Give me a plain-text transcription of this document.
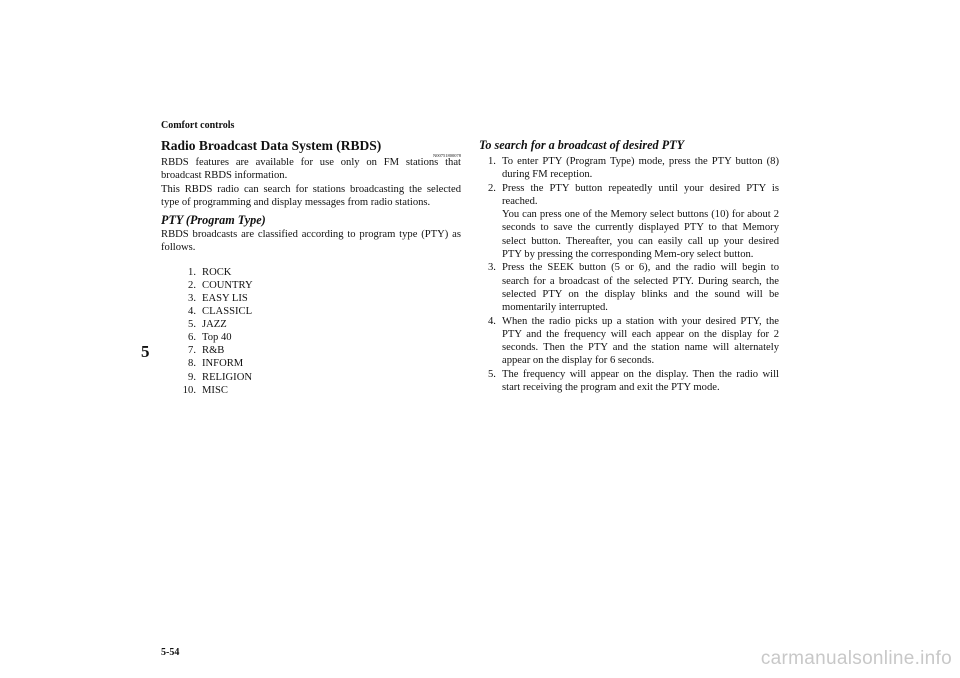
Comfort controls
5
5-54	carmanualsonline.info
Radio Broadcast Data System (RBDS)
N00751800078

RBDS features are available for use only on FM stations that broadcast RBDS information.

This RBDS radio can search for stations broadcasting the selected type of programming and display messages from radio stations.

PTY (Program Type)

RBDS broadcasts are classified according to program type (PTY) as follows.

1. ROCK
2. COUNTRY
3. EASY LIS
4. CLASSICL
5. JAZZ
6. Top 40
7. R&B
8. INFORM
9. RELIGION
10. MISC
To search for a broadcast of desired PTY
1. To enter PTY (Program Type) mode, press the PTY button (8) during FM reception.
2. Press the PTY button repeatedly until your desired PTY is reached.
You can press one of the Memory select buttons (10) for about 2 seconds to save the currently displayed PTY to that Memory select button. Thereafter, you can easily call up your desired PTY by pressing the corresponding Mem-ory select button.
3. Press the SEEK button (5 or 6), and the radio will begin to search for a broadcast of the selected PTY. During search, the selected PTY on the display blinks and the sound will be momentarily interrupted.
4. When the radio picks up a station with your desired PTY, the PTY and the frequency will each appear on the display for 2 seconds. Then the PTY and the station name will alternately appear on the display for 6 seconds.
5. The frequency will appear on the display. Then the radio will start receiving the program and exit the PTY mode.
